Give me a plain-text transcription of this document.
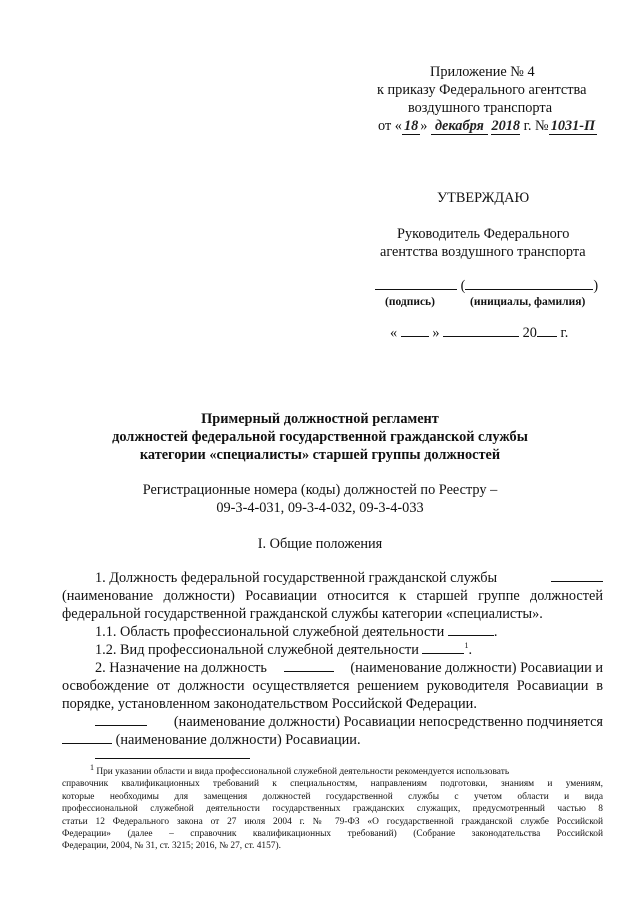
Приложение № 4
к приказу Федерального агентства
воздушного транспорта
от « 18 » декабря 2018 г. № 1031-П
УТВЕРЖДАЮ
Руководитель Федерального
агентства воздушного транспорта
(	)
(подпись)	(инициалы, фамилия)
« »	20 г.
Примерный должностной регламент
должностей федеральной государственной гражданской службы
категории «специалисты» старшей группы должностей
Регистрационные номера (коды) должностей по Реестру –
09-3-4-031, 09-3-4-032, 09-3-4-033
I. Общие положения
1. Должность федеральной государственной гражданской службы
(наименование должности) Росавиации относится к старшей группе должностей
федеральной государственной гражданской службы категории «специалисты».
1.1. Область профессиональной служебной деятельности	.
1.2. Вид профессиональной служебной деятельности	$^1$.
2. Назначение на должность	(наименование должности) Росавиации и
освобождение от должности осуществляется решением руководителя Росавиации в
порядке, установленном законодательством Российской Федерации.
(наименование должности) Росавиации непосредственно подчиняется
(наименование должности) Росавиации.
1 При указании области и вида профессиональной служебной деятельности рекомендуется использовать
справочник квалификационных требований к специальностям, направлениям подготовки, знаниям и умениям,
которые необходимы для замещения должностей государственной службы с учетом области и вида
профессиональной служебной деятельности государственных гражданских служащих, предусмотренный частью 8
статьи 12 Федерального закона от 27 июля 2004 г. № 79-ФЗ «О государственной гражданской службе Российской
Федерации» (далее – справочник квалификационных требований) (Собрание законодательства Российской
Федерации, 2004, № 31, ст. 3215; 2016, № 27, ст. 4157).
